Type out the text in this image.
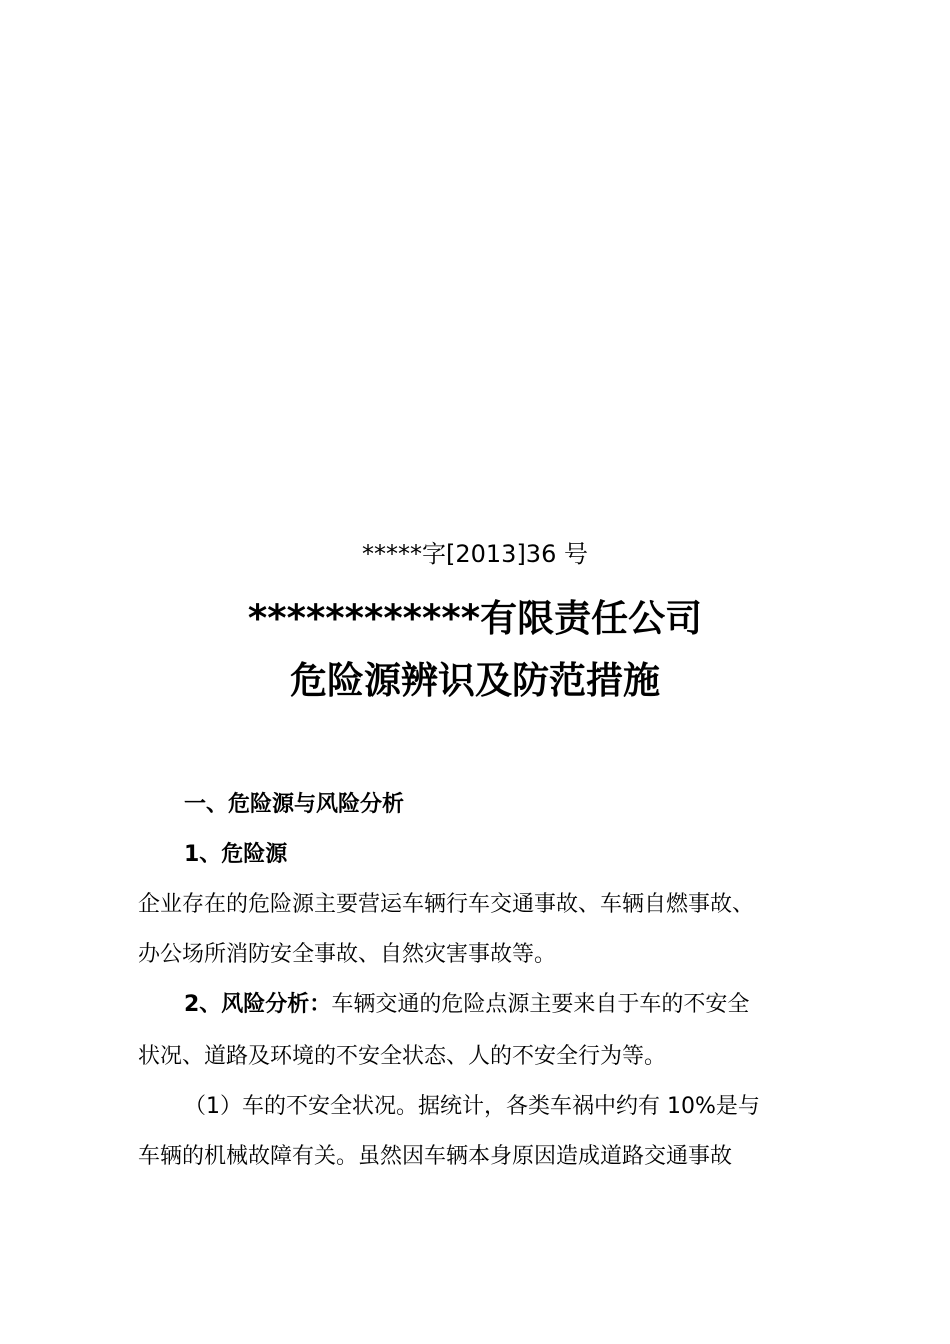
*****字[2013]36 号
************有限责任公司
危险源辨识及防范措施
一、危险源与风险分析
1、危险源
企业存在的危险源主要营运车辆行车交通事故、车辆自燃事故、
办公场所消防安全事故、自然灾害事故等。
2、风险分析：车辆交通的危险点源主要来自于车的不安全
状况、道路及环境的不安全状态、人的不安全行为等。
（1）车的不安全状况。据统计，各类车祸中约有 10%是与
车辆的机械故障有关。虽然因车辆本身原因造成道路交通事故
